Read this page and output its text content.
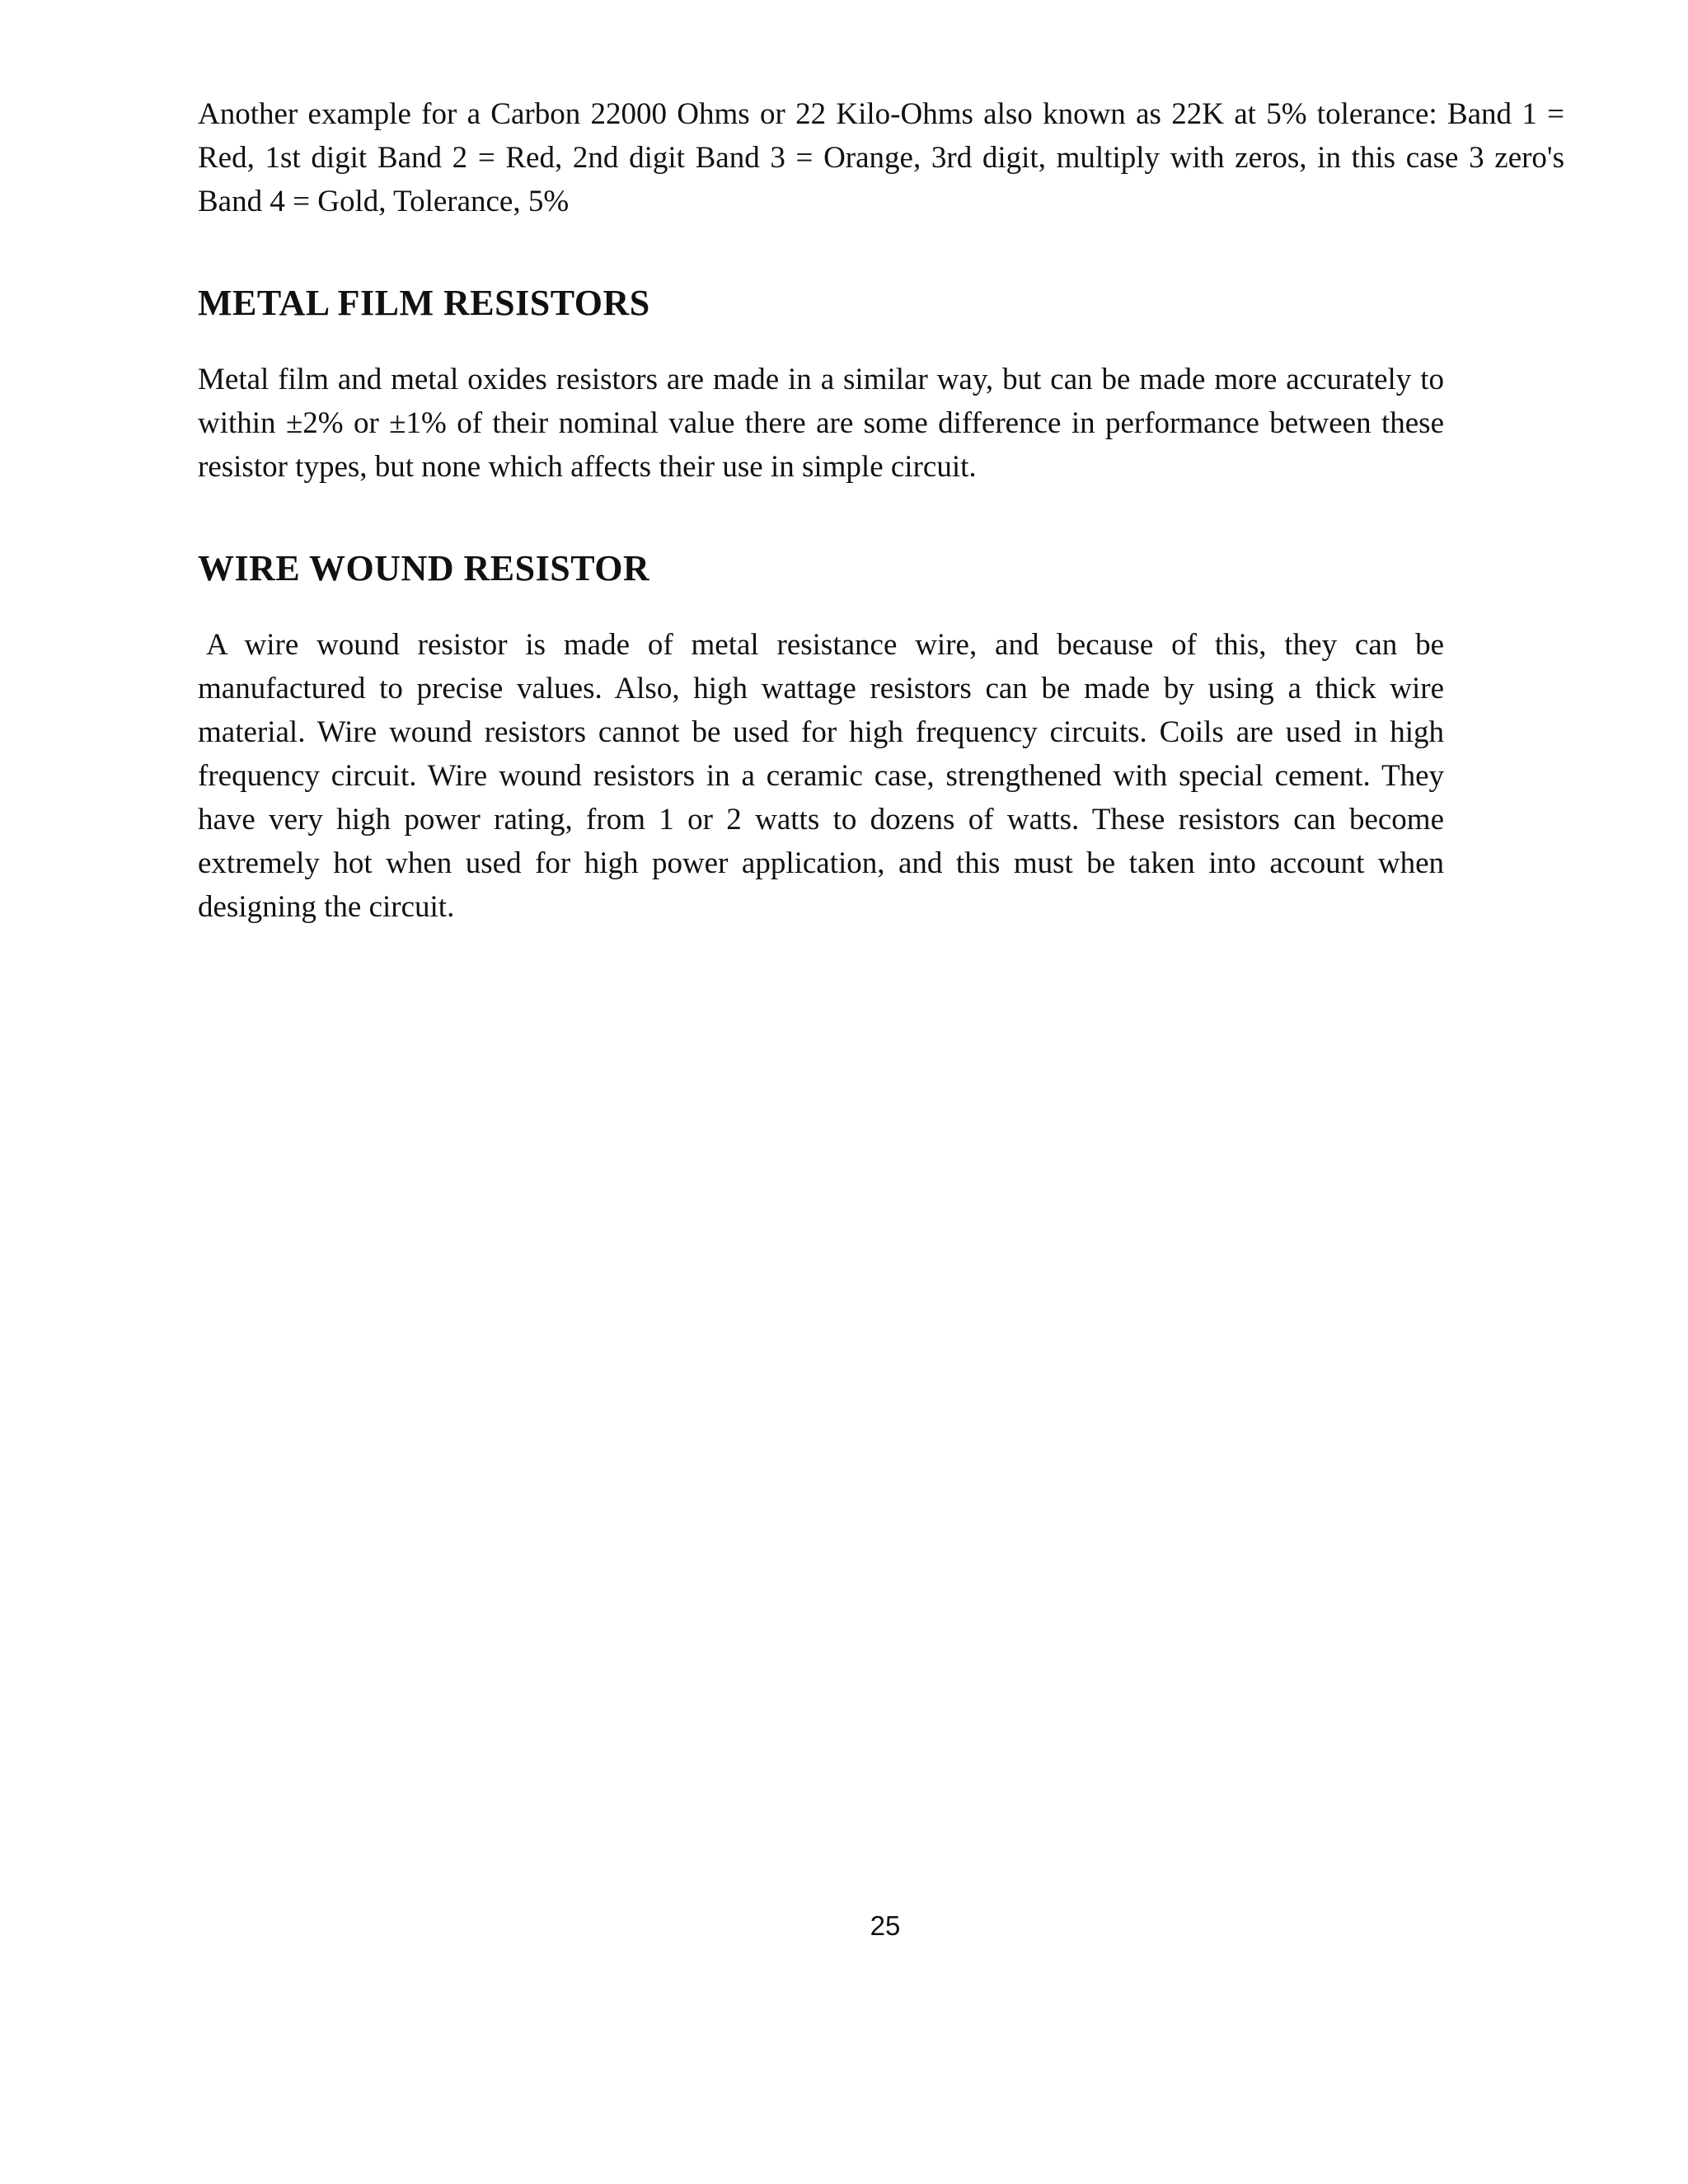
Another example for a Carbon 22000 Ohms or 22 Kilo-Ohms also known as 22K at 5% tolerance: Band 1 = Red, 1st digit Band 2 = Red, 2nd digit Band 3 = Orange, 3rd digit, multiply with zeros, in this case 3 zero's Band 4 = Gold, Tolerance, 5%

METAL FILM RESISTORS

Metal film and metal oxides resistors are made in a similar way, but can be made more accurately to within ±2% or ±1% of their nominal value there are some difference in performance between these resistor types, but none which affects their use in simple circuit.

WIRE WOUND RESISTOR

A wire wound resistor is made of metal resistance wire, and because of this, they can be manufactured to precise values. Also, high wattage resistors can be made by using a thick wire material. Wire wound resistors cannot be used for high frequency circuits. Coils are used in high frequency circuit. Wire wound resistors in a ceramic case, strengthened with special cement. They have very high power rating, from 1 or 2 watts to dozens of watts. These resistors can become extremely hot when used for high power application, and this must be taken into account when designing the circuit.

25
